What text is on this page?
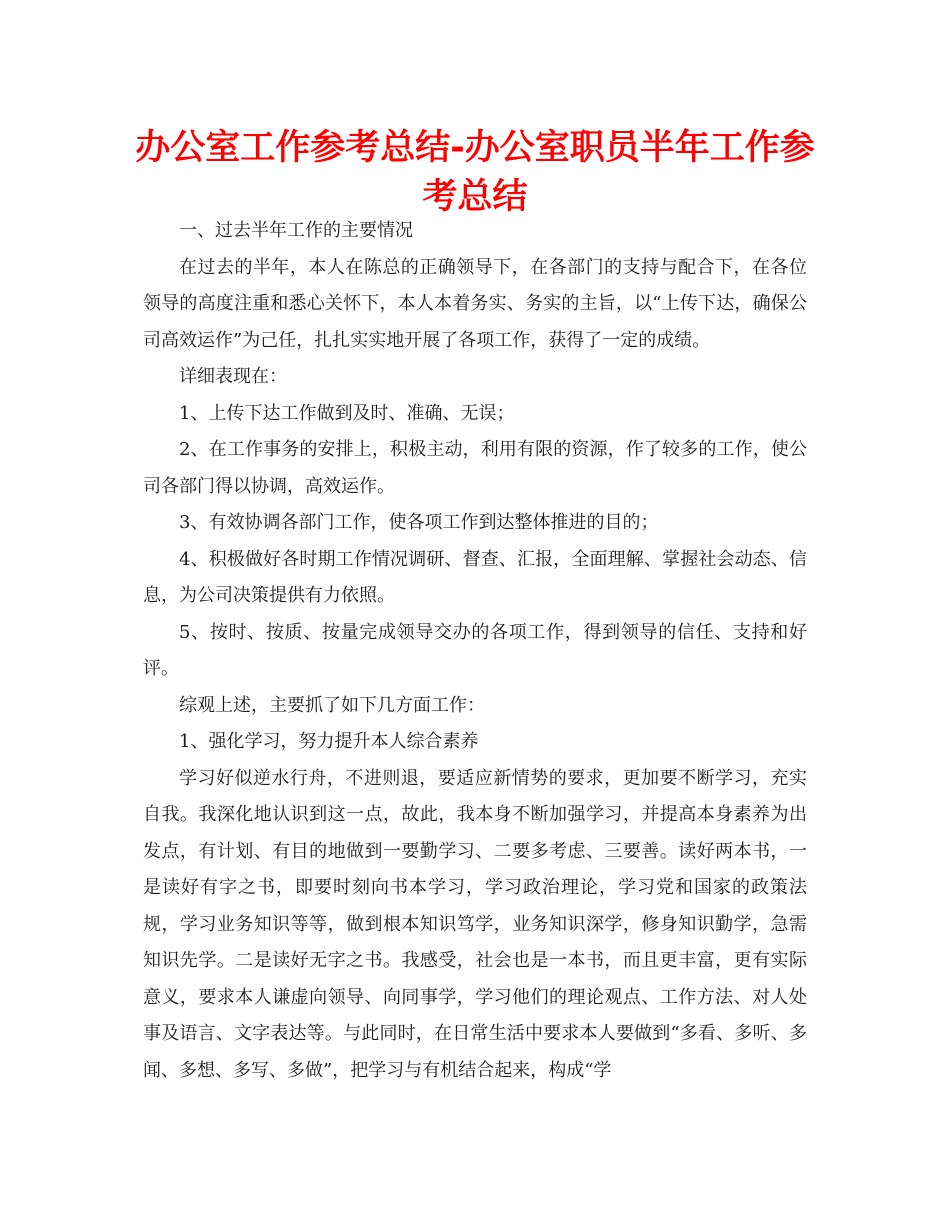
办公室工作参考总结-办公室职员半年工作参考总结

一、过去半年工作的主要情况

在过去的半年，本人在陈总的正确领导下，在各部门的支持与配合下，在各位领导的高度注重和悉心关怀下，本人本着务实、务实的主旨，以“上传下达，确保公司高效运作”为己任，扎扎实实地开展了各项工作，获得了一定的成绩。

详细表现在：

1、上传下达工作做到及时、准确、无误；

2、在工作事务的安排上，积极主动，利用有限的资源，作了较多的工作，使公司各部门得以协调，高效运作。

3、有效协调各部门工作，使各项工作到达整体推进的目的；

4、积极做好各时期工作情况调研、督查、汇报，全面理解、掌握社会动态、信息，为公司决策提供有力依照。

5、按时、按质、按量完成领导交办的各项工作，得到领导的信任、支持和好评。

综观上述，主要抓了如下几方面工作：

1、强化学习，努力提升本人综合素养

学习好似逆水行舟，不进则退，要适应新情势的要求，更加要不断学习，充实自我。我深化地认识到这一点，故此，我本身不断加强学习，并提高本身素养为出发点，有计划、有目的地做到一要勤学习、二要多考虑、三要善。读好两本书，一是读好有字之书，即要时刻向书本学习，学习政治理论，学习党和国家的政策法规，学习业务知识等等，做到根本知识笃学，业务知识深学，修身知识勤学，急需知识先学。二是读好无字之书。我感受，社会也是一本书，而且更丰富，更有实际意义，要求本人谦虚向领导、向同事学，学习他们的理论观点、工作方法、对人处事及语言、文字表达等。与此同时，在日常生活中要求本人要做到“多看、多听、多闻、多想、多写、多做”，把学习与有机结合起来，构成“学
